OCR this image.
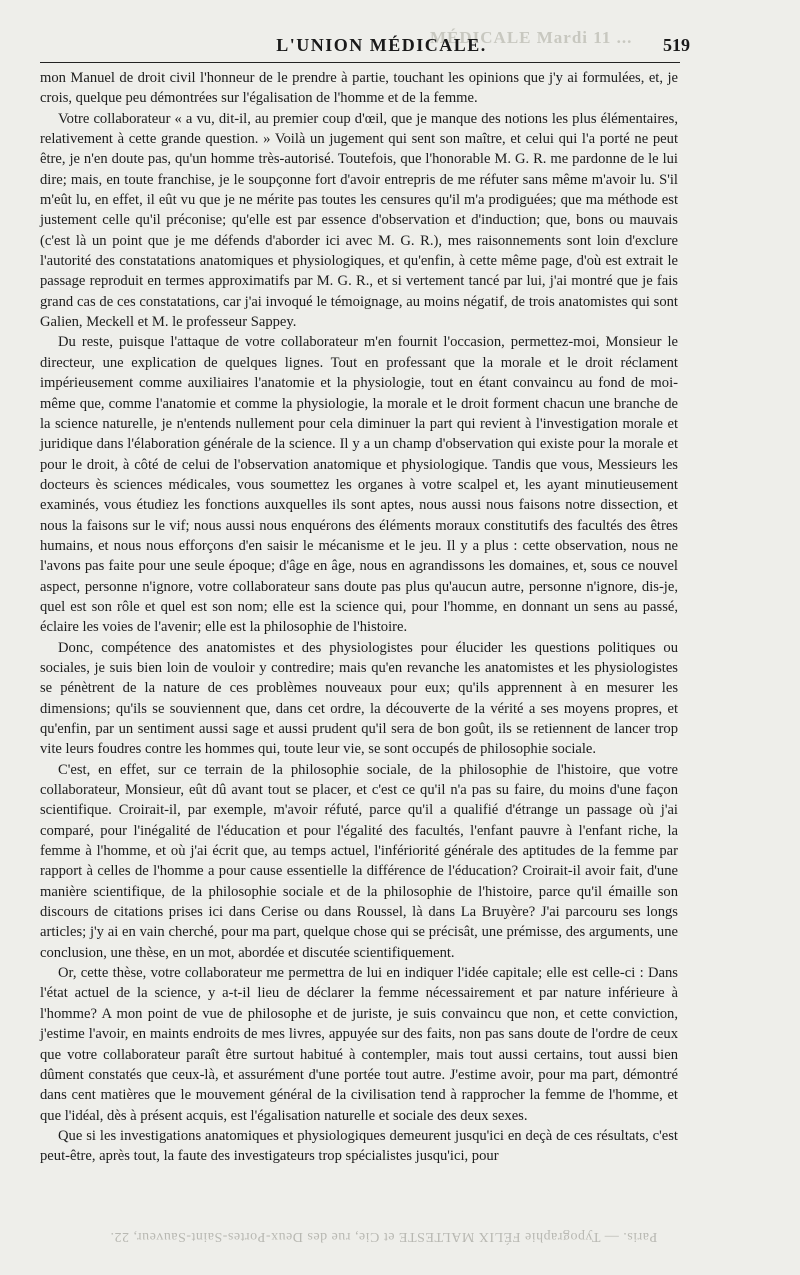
MÉDICALE Mardi 11 ...
L'UNION MÉDICALE.	519

mon Manuel de droit civil l'honneur de le prendre à partie, touchant les opinions que j'y ai formulées, et, je crois, quelque peu démontrées sur l'égalisation de l'homme et de la femme.

Votre collaborateur « a vu, dit-il, au premier coup d'œil, que je manque des notions les plus élémentaires, relativement à cette grande question. » Voilà un jugement qui sent son maître, et celui qui l'a porté ne peut être, je n'en doute pas, qu'un homme très-autorisé. Toutefois, que l'honorable M. G. R. me pardonne de le lui dire; mais, en toute franchise, je le soupçonne fort d'avoir entrepris de me réfuter sans même m'avoir lu. S'il m'eût lu, en effet, il eût vu que je ne mérite pas toutes les censures qu'il m'a prodiguées; que ma méthode est justement celle qu'il préconise; qu'elle est par essence d'observation et d'induction; que, bons ou mauvais (c'est là un point que je me défends d'aborder ici avec M. G. R.), mes raisonnements sont loin d'exclure l'autorité des constatations anatomiques et physiologiques, et qu'enfin, à cette même page, d'où est extrait le passage reproduit en termes approximatifs par M. G. R., et si vertement tancé par lui, j'ai montré que je fais grand cas de ces constatations, car j'ai invoqué le témoignage, au moins négatif, de trois anatomistes qui sont Galien, Meckell et M. le professeur Sappey.

Du reste, puisque l'attaque de votre collaborateur m'en fournit l'occasion, permettez-moi, Monsieur le directeur, une explication de quelques lignes. Tout en professant que la morale et le droit réclament impérieusement comme auxiliaires l'anatomie et la physiologie, tout en étant convaincu au fond de moi-même que, comme l'anatomie et comme la physiologie, la morale et le droit forment chacun une branche de la science naturelle, je n'entends nullement pour cela diminuer la part qui revient à l'investigation morale et juridique dans l'élaboration générale de la science. Il y a un champ d'observation qui existe pour la morale et pour le droit, à côté de celui de l'observation anatomique et physiologique. Tandis que vous, Messieurs les docteurs ès sciences médicales, vous soumettez les organes à votre scalpel et, les ayant minutieusement examinés, vous étudiez les fonctions auxquelles ils sont aptes, nous aussi nous faisons notre dissection, et nous la faisons sur le vif; nous aussi nous enquérons des éléments moraux constitutifs des facultés des êtres humains, et nous nous efforçons d'en saisir le mécanisme et le jeu. Il y a plus : cette observation, nous ne l'avons pas faite pour une seule époque; d'âge en âge, nous en agrandissons les domaines, et, sous ce nouvel aspect, personne n'ignore, votre collaborateur sans doute pas plus qu'aucun autre, personne n'ignore, dis-je, quel est son rôle et quel est son nom; elle est la science qui, pour l'homme, en donnant un sens au passé, éclaire les voies de l'avenir; elle est la philosophie de l'histoire.

Donc, compétence des anatomistes et des physiologistes pour élucider les questions politiques ou sociales, je suis bien loin de vouloir y contredire; mais qu'en revanche les anatomistes et les physiologistes se pénètrent de la nature de ces problèmes nouveaux pour eux; qu'ils apprennent à en mesurer les dimensions; qu'ils se souviennent que, dans cet ordre, la découverte de la vérité a ses moyens propres, et qu'enfin, par un sentiment aussi sage et aussi prudent qu'il sera de bon goût, ils se retiennent de lancer trop vite leurs foudres contre les hommes qui, toute leur vie, se sont occupés de philosophie sociale.

C'est, en effet, sur ce terrain de la philosophie sociale, de la philosophie de l'histoire, que votre collaborateur, Monsieur, eût dû avant tout se placer, et c'est ce qu'il n'a pas su faire, du moins d'une façon scientifique. Croirait-il, par exemple, m'avoir réfuté, parce qu'il a qualifié d'étrange un passage où j'ai comparé, pour l'inégalité de l'éducation et pour l'égalité des facultés, l'enfant pauvre à l'enfant riche, la femme à l'homme, et où j'ai écrit que, au temps actuel, l'infériorité générale des aptitudes de la femme par rapport à celles de l'homme a pour cause essentielle la différence de l'éducation? Croirait-il avoir fait, d'une manière scientifique, de la philosophie sociale et de la philosophie de l'histoire, parce qu'il émaille son discours de citations prises ici dans Cerise ou dans Roussel, là dans La Bruyère? J'ai parcouru ses longs articles; j'y ai en vain cherché, pour ma part, quelque chose qui se précisât, une prémisse, des arguments, une conclusion, une thèse, en un mot, abordée et discutée scientifiquement.

Or, cette thèse, votre collaborateur me permettra de lui en indiquer l'idée capitale; elle est celle-ci : Dans l'état actuel de la science, y a-t-il lieu de déclarer la femme nécessairement et par nature inférieure à l'homme? A mon point de vue de philosophe et de juriste, je suis convaincu que non, et cette conviction, j'estime l'avoir, en maints endroits de mes livres, appuyée sur des faits, non pas sans doute de l'ordre de ceux que votre collaborateur paraît être surtout habitué à contempler, mais tout aussi certains, tout aussi bien dûment constatés que ceux-là, et assurément d'une portée tout autre. J'estime avoir, pour ma part, démontré dans cent matières que le mouvement général de la civilisation tend à rapprocher la femme de l'homme, et que l'idéal, dès à présent acquis, est l'égalisation naturelle et sociale des deux sexes.

Que si les investigations anatomiques et physiologiques demeurent jusqu'ici en deçà de ces résultats, c'est peut-être, après tout, la faute des investigateurs trop spécialistes jusqu'ici, pour

Paris. — Typographie FÉLIX MALTESTE et Cie, rue des Deux-Portes-Saint-Sauveur, 22.
